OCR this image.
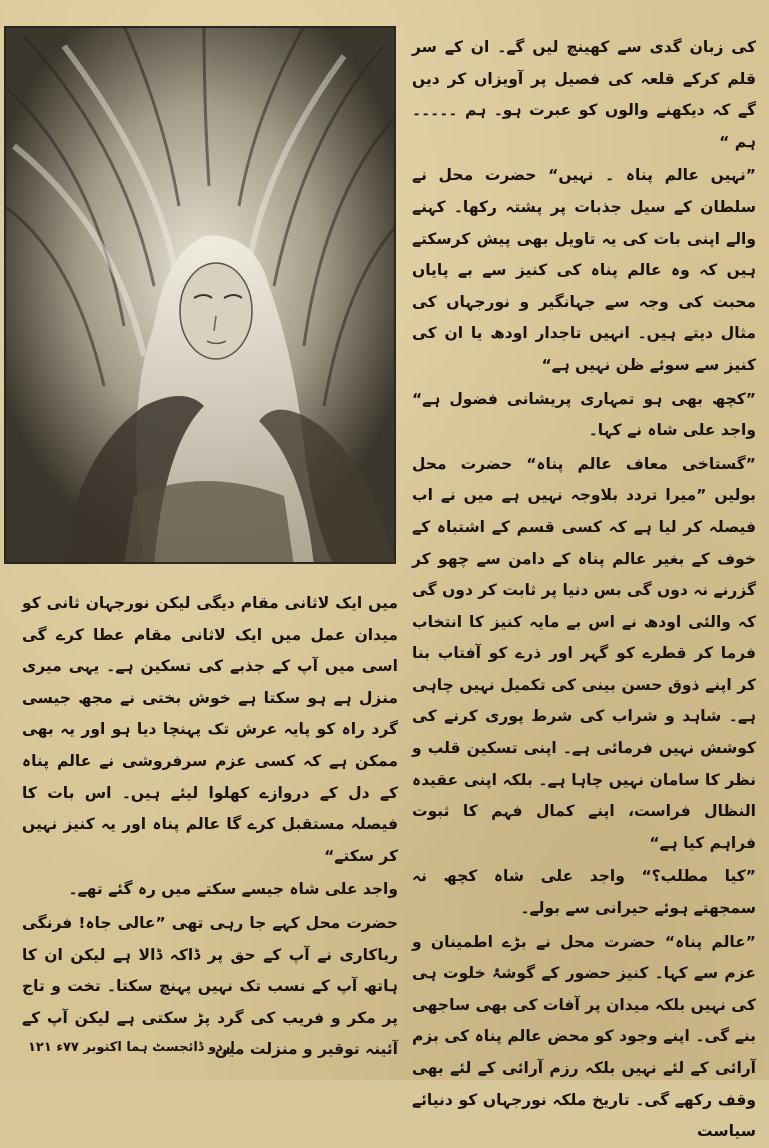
کی زبان گدی سے کھینچ لیں گے۔ ان کے سر قلم کرکے قلعہ کی فصیل پر آویزاں کر دیں گے کہ دیکھنے والوں کو عبرت ہو۔ ہم ۔۔۔۔۔ ہم “

”نہیں عالم پناہ ۔ نہیں“ حضرت محل نے سلطان کے سیل جذبات پر پشتہ رکھا۔ کہنے والے اپنی بات کی یہ تاویل بھی پیش کرسکتے ہیں کہ وہ عالم پناہ کی کنیز سے بے پایاں محبت کی وجہ سے جہانگیر و نورجہاں کی مثال دیتے ہیں۔ انہیں تاجدار اودھ یا ان کی کنیز سے سوئے ظن نہیں ہے“

”کچھ بھی ہو تمہاری پریشانی فضول ہے“ واجد علی شاہ نے کہا۔

”گستاخی معاف عالم پناہ“ حضرت محل بولیں ”میرا تردد بلاوجہ نہیں ہے میں نے اب فیصلہ کر لیا ہے کہ کسی قسم کے اشتباہ کے خوف کے بغیر عالم پناہ کے دامن سے چھو کر گزرنے نہ دوں گی بس دنیا پر ثابت کر دوں گی کہ والئی اودھ نے اس بے مایہ کنیز کا انتخاب فرما کر قطرے کو گہر اور ذرے کو آفتاب بنا کر اپنے ذوق حسن بینی کی تکمیل نہیں چاہی ہے۔ شاہد و شراب کی شرط پوری کرنے کی کوشش نہیں فرمائی ہے۔ اپنی تسکین قلب و نظر کا سامان نہیں چاہا ہے۔ بلکہ اپنی عقیدہ النظال فراست، اپنے کمال فہم کا ثبوت فراہم کیا ہے“

”کیا مطلب؟“ واجد علی شاہ کچھ نہ سمجھتے ہوئے حیرانی سے بولے۔

”عالم پناہ“ حضرت محل نے بڑے اطمینان و عزم سے کہا۔ کنیز حضور کے گوشۂ خلوت ہی کی نہیں بلکہ میدان پر آفات کی بھی ساجھی بنے گی۔ اپنے وجود کو محض عالم پناہ کی بزم آرائی کے لئے نہیں بلکہ رزم آرائی کے لئے بھی وقف رکھے گی۔ تاریخ ملکہ نورجہاں کو دنیائے سیاست

میں ایک لاثانی مقام دیگی لیکن نورجہان ثانی کو میدان عمل میں ایک لاثانی مقام عطا کرے گی اسی میں آپ کے جذبے کی تسکین ہے۔ یہی میری منزل ہے ہو سکتا ہے خوش بختی نے مجھ جیسی گرد راہ کو پایہ عرش تک پہنچا دیا ہو اور یہ بھی ممکن ہے کہ کسی عزم سرفروشی نے عالم پناہ کے دل کے دروازے کھلوا لیئے ہیں۔ اس بات کا فیصلہ مستقبل کرے گا عالم پناہ اور یہ کنیز نہیں کر سکتے“

واجد علی شاہ جیسے سکتے میں رہ گئے تھے۔

حضرت محل کہے جا رہی تھی ”عالی جاہ! فرنگی ریاکاری نے آپ کے حق پر ڈاکہ ڈالا ہے لیکن ان کا ہاتھ آپ کے نسب تک نہیں پہنچ سکتا۔ تخت و تاج پر مکر و فریب کی گرد پڑ سکتی ہے لیکن آپ کے آئینہ توقیر و منزلت میں

اردو ڈائجسٹ ہما اکتوبر ۷۷ء ۱۲۱
